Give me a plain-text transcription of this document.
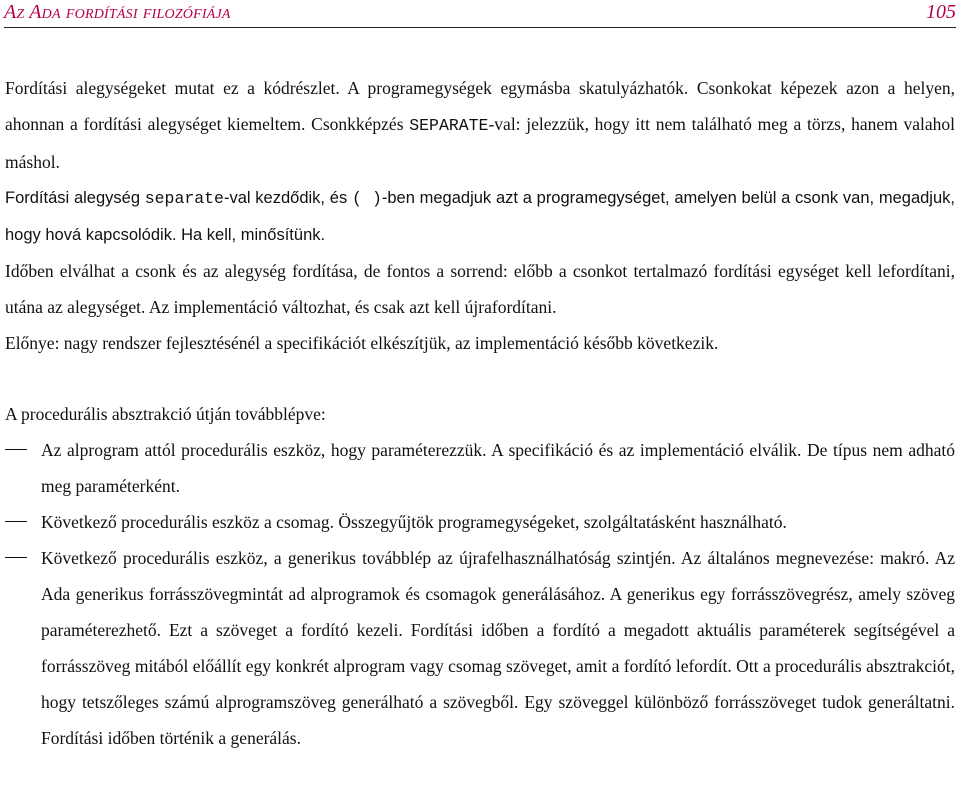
Az Ada fordítási filozófiája	105

Fordítási alegységeket mutat ez a kódrészlet. A programegységek egymásba skatulyázhatók. Csonkokat képezek azon a helyen, ahonnan a fordítási alegységet kiemeltem. Csonkképzés SEPARATE-val: jelezzük, hogy itt nem található meg a törzs, hanem valahol máshol.

Fordítási alegység separate-val kezdődik, és ( )-ben megadjuk azt a programegységet, amelyen belül a csonk van, megadjuk, hogy hová kapcsolódik. Ha kell, minősítünk.

Időben elválhat a csonk és az alegység fordítása, de fontos a sorrend: előbb a csonkot tertalmazó fordítási egységet kell lefordítani, utána az alegységet. Az implementáció változhat, és csak azt kell újrafordítani.

Előnye: nagy rendszer fejlesztésénél a specifikációt elkészítjük, az implementáció később következik.

A procedurális absztrakció útján továbblépve:

Az alprogram attól procedurális eszköz, hogy paraméterezzük. A specifikáció és az implementáció elválik. De típus nem adható meg paraméterként.
Következő procedurális eszköz a csomag. Összegyűjtök programegységeket, szolgáltatásként használható.
Következő procedurális eszköz, a generikus továbblép az újrafelhasználhatóság szintjén. Az általános megnevezése: makró. Az Ada generikus forrásszövegmintát ad alprogramok és csomagok generálásához. A generikus egy forrásszövegrész, amely szöveg paraméterezhető. Ezt a szöveget a fordító kezeli. Fordítási időben a fordító a megadott aktuális paraméterek segítségével a forrásszöveg mitából előállít egy konkrét alprogram vagy csomag szöveget, amit a fordító lefordít. Ott a procedurális absztrakciót, hogy tetszőleges számú alprogramszöveg generálható a szövegből. Egy szöveggel különböző forrásszöveget tudok generáltatni. Fordítási időben történik a generálás.
